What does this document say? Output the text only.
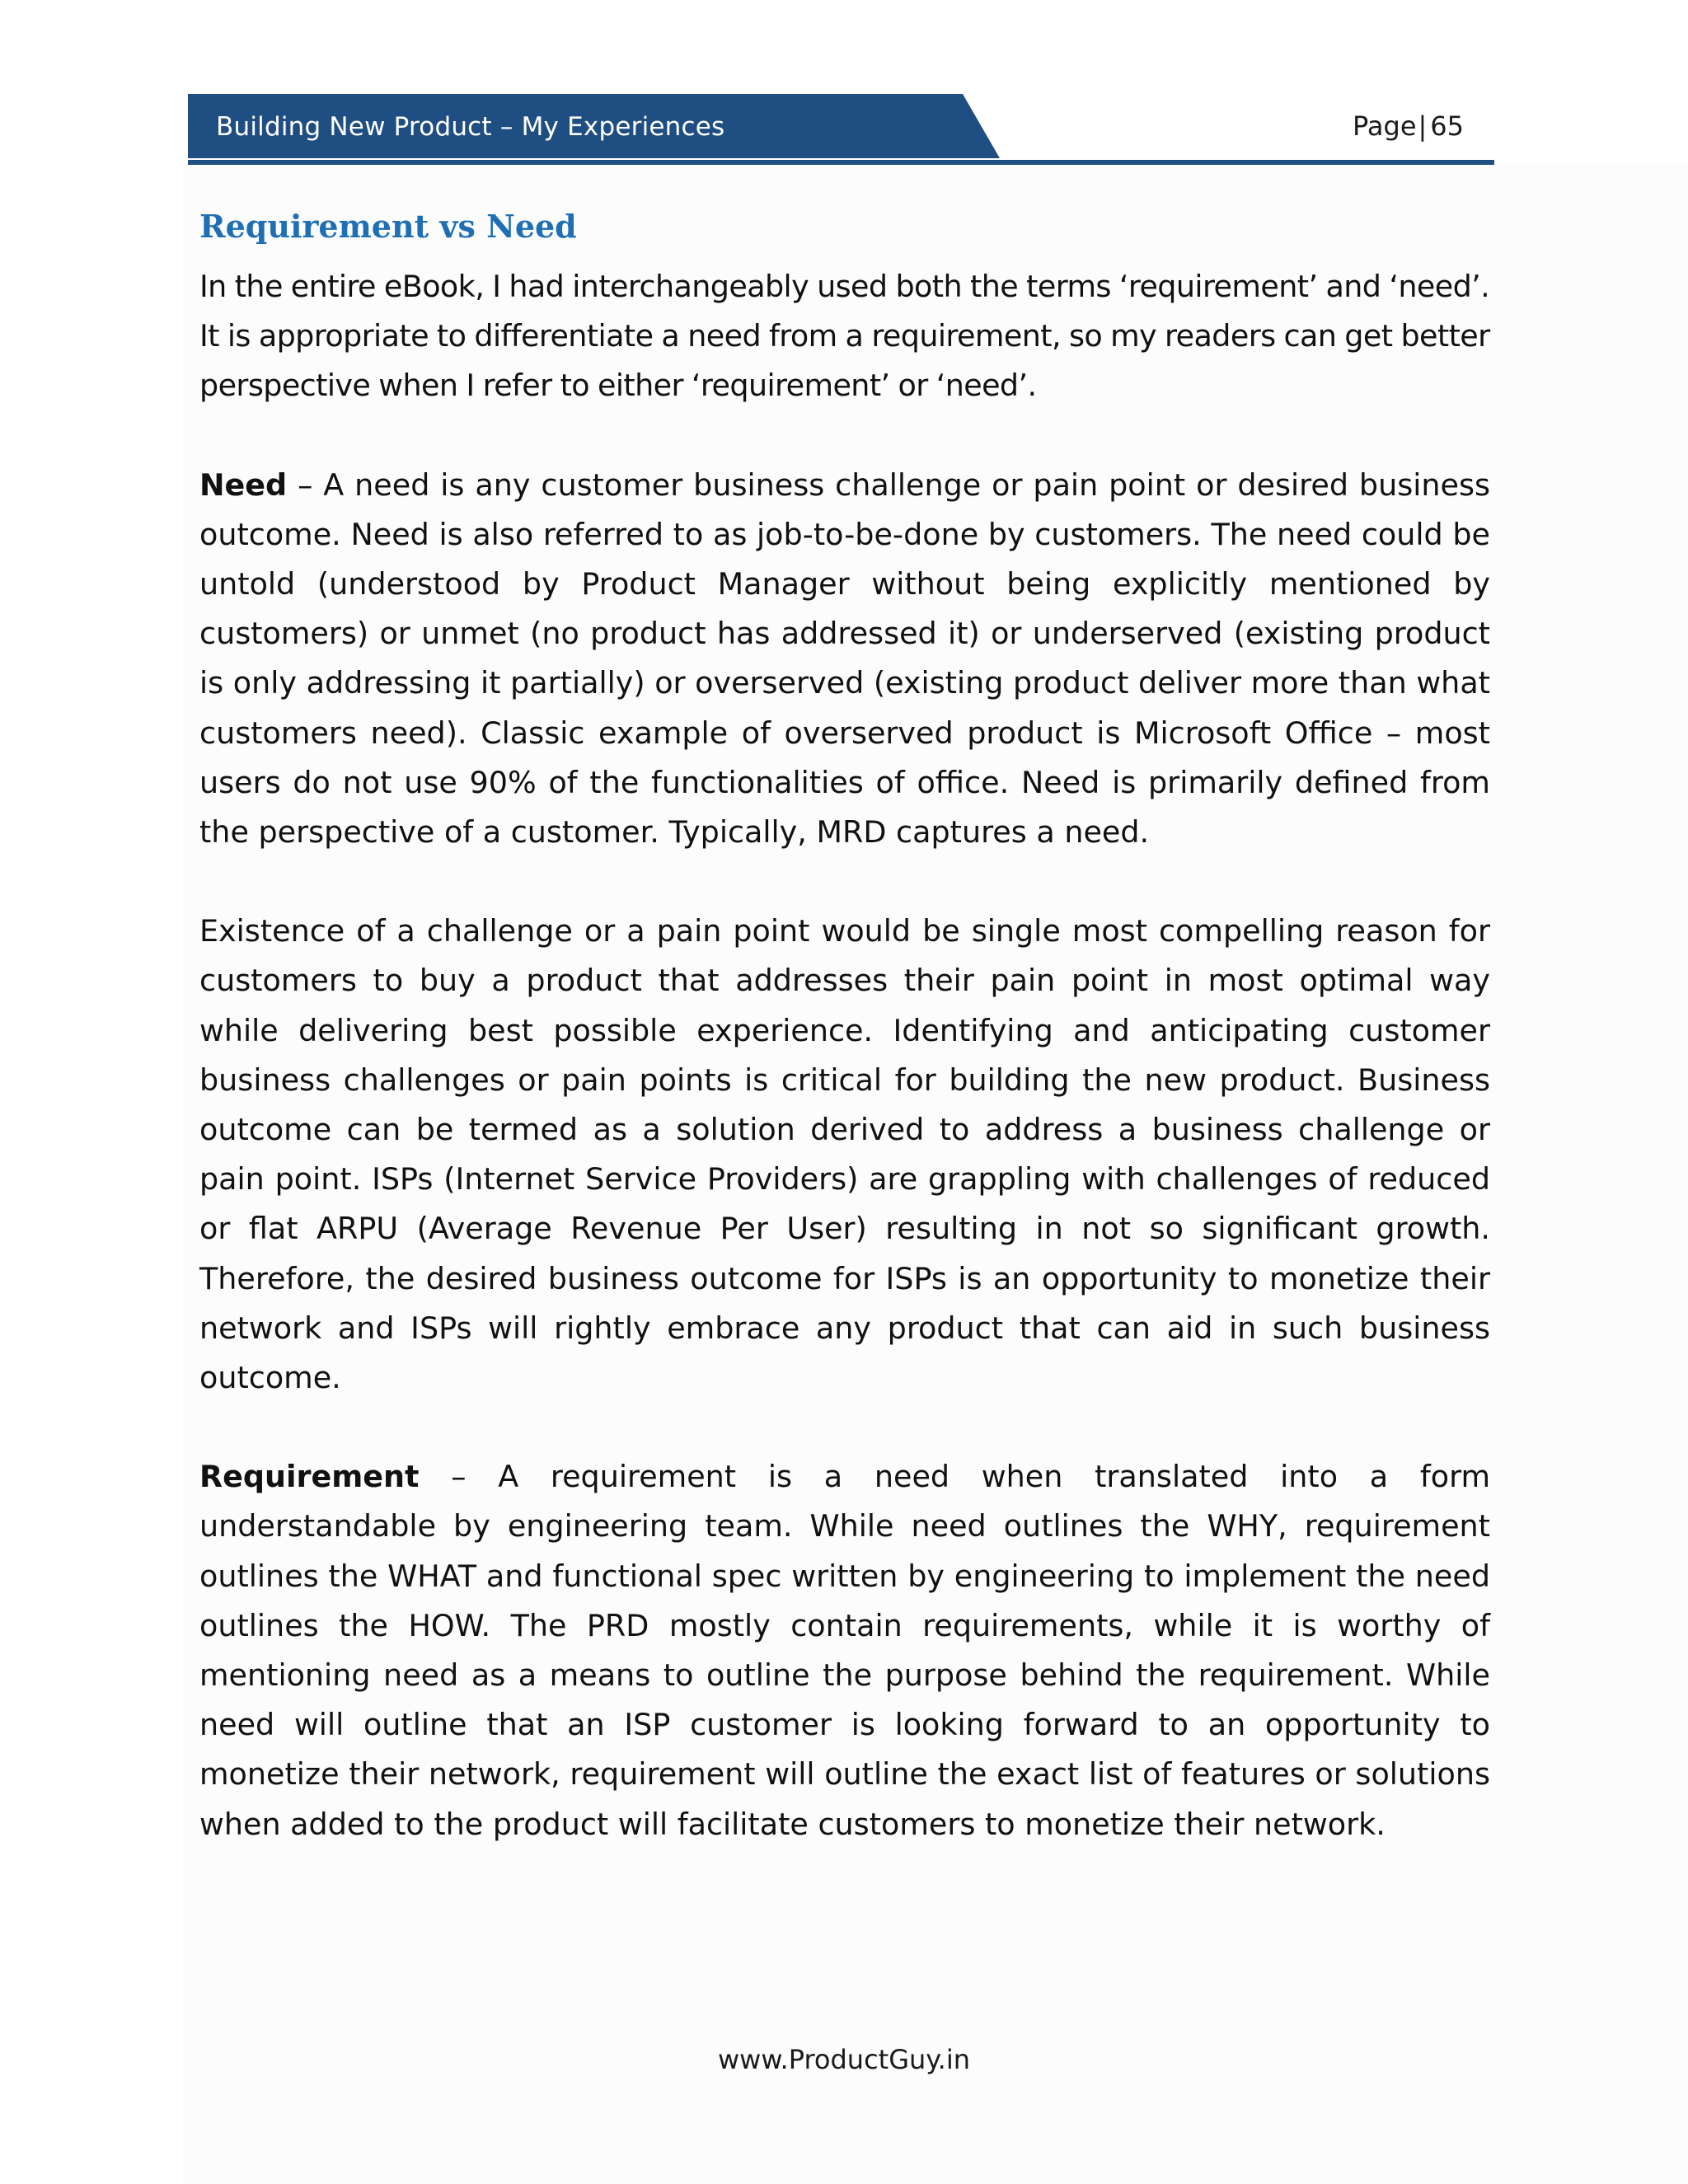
Building New Product – My Experiences	Page| 65
Requirement vs Need

In the entire eBook, I had interchangeably used both the terms ‘requirement’ and ‘need’. It is appropriate to differentiate a need from a requirement, so my readers can get better perspective when I refer to either ‘requirement’ or ‘need’.

Need – A need is any customer business challenge or pain point or desired business outcome. Need is also referred to as job-to-be-done by customers. The need could be untold (understood by Product Manager without being explicitly mentioned by customers) or unmet (no product has addressed it) or underserved (existing product is only addressing it partially) or overserved (existing product deliver more than what customers need). Classic example of overserved product is Microsoft Office – most users do not use 90% of the functionalities of office. Need is primarily defined from the perspective of a customer. Typically, MRD captures a need.

Existence of a challenge or a pain point would be single most compelling reason for customers to buy a product that addresses their pain point in most optimal way while delivering best possible experience. Identifying and anticipating customer business challenges or pain points is critical for building the new product. Business outcome can be termed as a solution derived to address a business challenge or pain point. ISPs (Internet Service Providers) are grappling with challenges of reduced or flat ARPU (Average Revenue Per User) resulting in not so significant growth. Therefore, the desired business outcome for ISPs is an opportunity to monetize their network and ISPs will rightly embrace any product that can aid in such business outcome.

Requirement – A requirement is a need when translated into a form understandable by engineering team. While need outlines the WHY, requirement outlines the WHAT and functional spec written by engineering to implement the need outlines the HOW. The PRD mostly contain requirements, while it is worthy of mentioning need as a means to outline the purpose behind the requirement. While need will outline that an ISP customer is looking forward to an opportunity to monetize their network, requirement will outline the exact list of features or solutions when added to the product will facilitate customers to monetize their network.

www.ProductGuy.in
